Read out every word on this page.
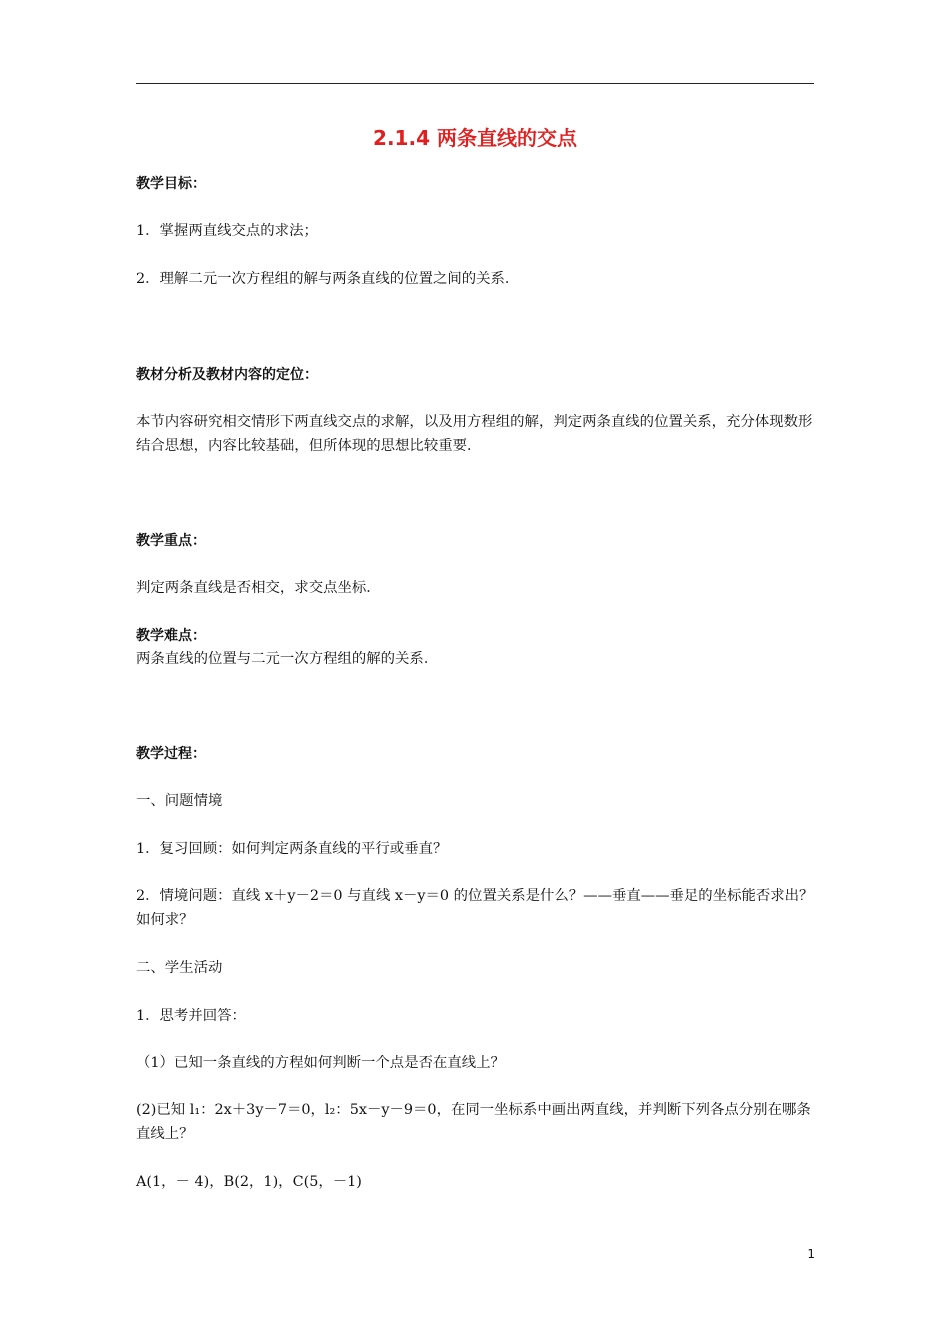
2.1.4 两条直线的交点
教学目标：
1．掌握两直线交点的求法；
2．理解二元一次方程组的解与两条直线的位置之间的关系．
教材分析及教材内容的定位：
本节内容研究相交情形下两直线交点的求解，以及用方程组的解，判定两条直线的位置关系，充分体现数形结合思想，内容比较基础，但所体现的思想比较重要．
教学重点：
判定两条直线是否相交，求交点坐标．
教学难点：
两条直线的位置与二元一次方程组的解的关系．
教学过程：
一、问题情境
1．复习回顾：如何判定两条直线的平行或垂直？
2．情境问题：直线 x＋y－2＝0 与直线 x－y＝0 的位置关系是什么？——垂直——垂足的坐标能否求出？如何求？
二、学生活动
1．思考并回答：
（1）已知一条直线的方程如何判断一个点是否在直线上？
(2)已知 l₁：2x＋3y－7＝0，l₂：5x－y－9＝0，在同一坐标系中画出两直线，并判断下列各点分别在哪条直线上？
A(1，－ 4)，B(2，1)，C(5，－1)
1
